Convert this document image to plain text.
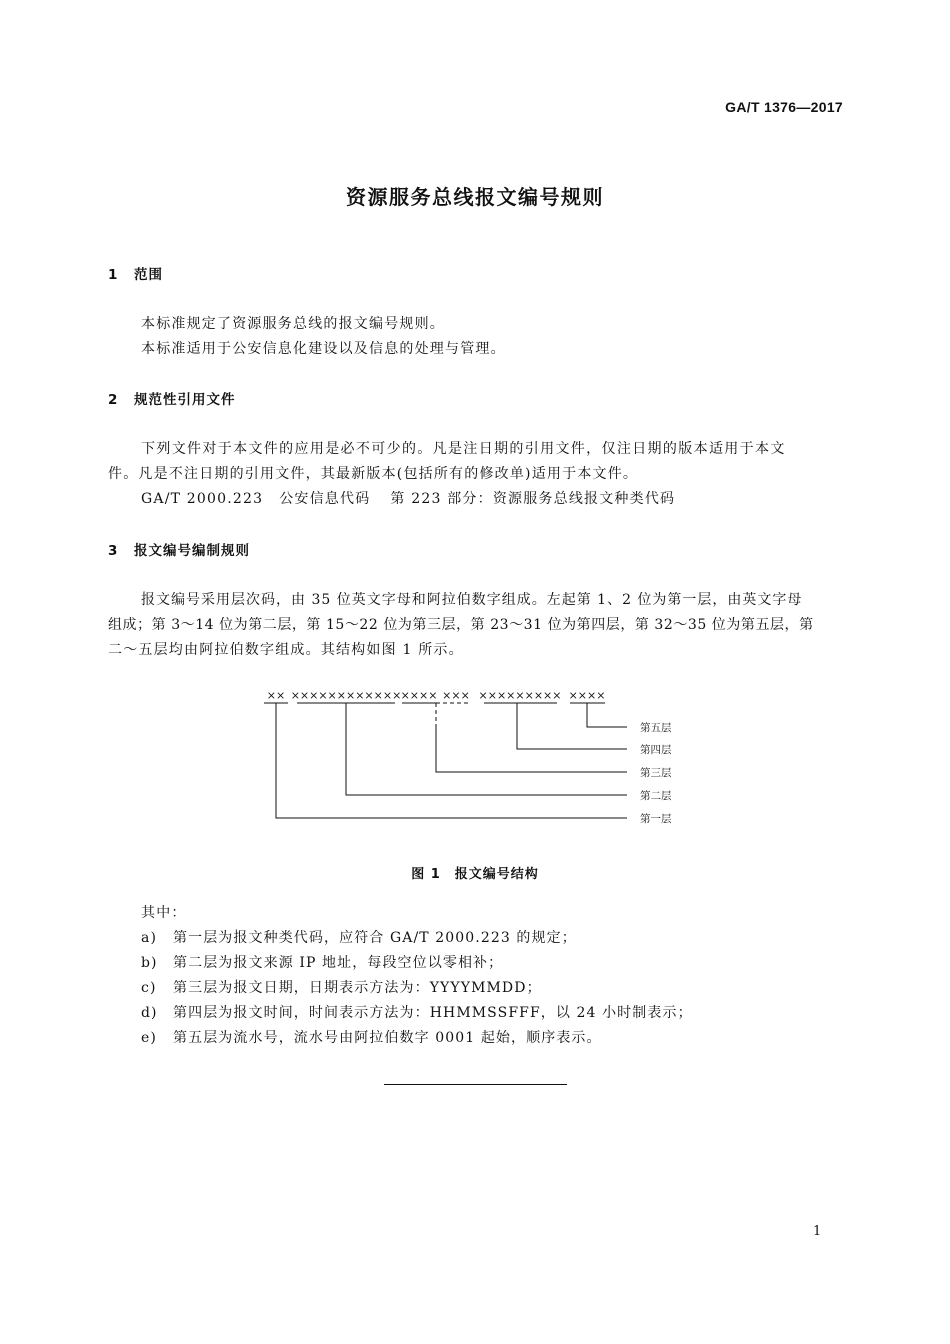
GA/T 1376—2017
资源服务总线报文编号规则
1 范围
本标准规定了资源服务总线的报文编号规则。
本标准适用于公安信息化建设以及信息的处理与管理。
2 规范性引用文件
下列文件对于本文件的应用是必不可少的。凡是注日期的引用文件，仅注日期的版本适用于本文
件。凡是不注日期的引用文件，其最新版本(包括所有的修改单)适用于本文件。
GA/T 2000.223 公安信息代码 第 223 部分：资源服务总线报文种类代码
3 报文编号编制规则
报文编号采用层次码，由 35 位英文字母和阿拉伯数字组成。左起第 1、2 位为第一层，由英文字母
组成；第 3～14 位为第二层，第 15～22 位为第三层，第 23～31 位为第四层，第 32～35 位为第五层，第
二～五层均由阿拉伯数字组成。其结构如图 1 所示。
×× ×××××××××××× ×××× ××× ××××××××× ××××
第五层
第四层
第三层
第二层
第一层
图 1 报文编号结构
其中：
a) 第一层为报文种类代码，应符合 GA/T 2000.223 的规定；
b) 第二层为报文来源 IP 地址，每段空位以零相补；
c) 第三层为报文日期，日期表示方法为：YYYYMMDD；
d) 第四层为报文时间，时间表示方法为：HHMMSSFFF，以 24 小时制表示；
e) 第五层为流水号，流水号由阿拉伯数字 0001 起始，顺序表示。
1
